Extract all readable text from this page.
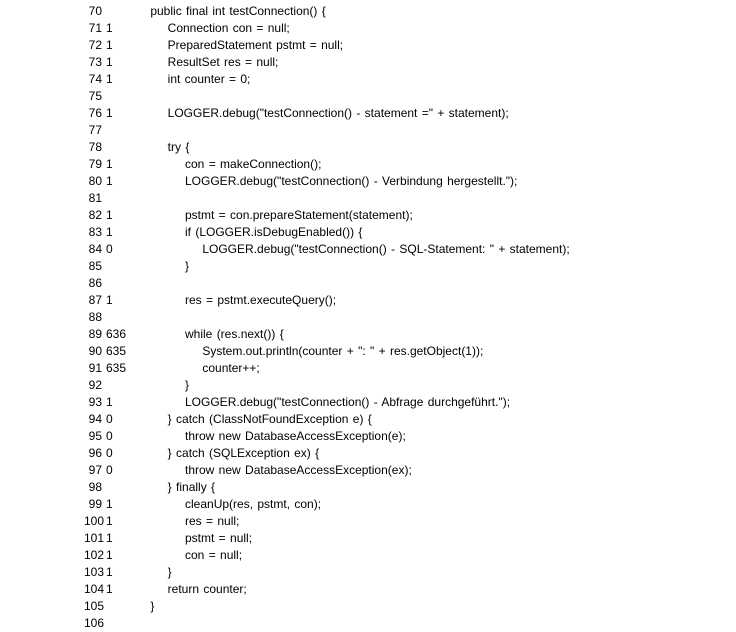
70	public final int testConnection() {
71 1	Connection con = null;
72 1	PreparedStatement pstmt = null;
73 1	ResultSet res = null;
74 1	int counter = 0;
75
76 1	LOGGER.debug("testConnection() - statement =" + statement);
77
78	try {
79 1	con = makeConnection();
80 1	LOGGER.debug("testConnection() - Verbindung hergestellt.");
81
82 1	pstmt = con.prepareStatement(statement);
83 1	if (LOGGER.isDebugEnabled()) {
84 0	LOGGER.debug("testConnection() - SQL-Statement: " + statement);
85	}
86
87 1	res = pstmt.executeQuery();
88
89 636 while (res.next()) {
90 635 System.out.println(counter + ": " + res.getObject(1));
91 635 counter++;
92	}
93 1	LOGGER.debug("testConnection() - Abfrage durchgeführt.");
94 0	} catch (ClassNotFoundException e) {
95 0	throw new DatabaseAccessException(e);
96 0	} catch (SQLException ex) {
97 0	throw new DatabaseAccessException(ex);
98	} finally {
99 1	cleanUp(res, pstmt, con);
100 1	res = null;
101 1	pstmt = null;
102 1	con = null;
103 1	}
104 1	return counter;
105 }
106
